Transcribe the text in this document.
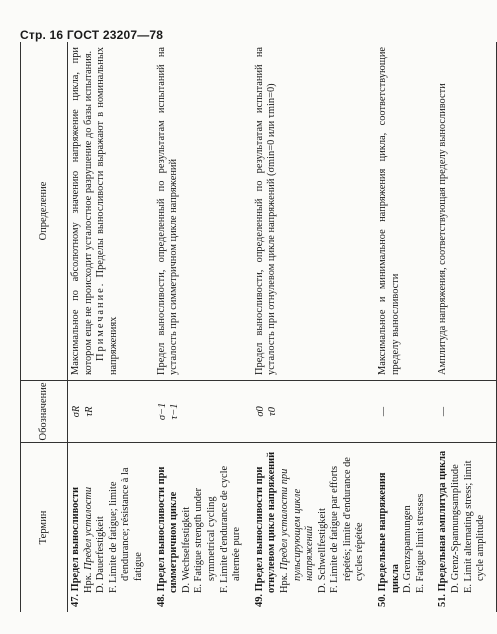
Стр. 16 ГОСТ 23207—78
Термин
Обозначение
Определение
47. Предел выносливости Нрк. Предел усталости
D. Dauerfestigkeit
F. Limite de fatigue; limite d'endurance; résistance à la fatigue
σR τR
Максимальное по абсолютному значению напряжение цикла, при котором еще не происходит усталостное разрушение до базы испытания. Примечание. Пределы выносливости выражают в номинальных напряжениях
48. Предел выносливости при симметричном цикле D. Wechselfestigkeit
E. Fatigue strength under symmetrical cycling
F. Limite d'endurance de cycle alternée pure
σ−1 τ−1
Предел выносливости, определенный по результатам испытаний на усталость при симметричном цикле напряжений
49. Предел выносливости при отнулевом цикле напряжений Нрк. Предел усталости при пульсирующем цикле напряжений
D. Schwellfestigkeit
F. Limite de fatigue par efforts répétés; limite d'endurance de cycles répétée
σ0 τ0
Предел выносливости, определенный по результатам испытаний на усталость при отнулевом цикле напряжений (σmin=0 или τmin=0)
50. Предельные напряжения цикла D. Grenzspannungen
E. Fatigue limit stresses
—
Максимальное и минимальное напряжения цикла, соответствующие пределу выносливости
51. Предельная амплитуда цикла D. Grenz-Spannungsamplitude
E. Limit alternating stress; limit cycle amplitude
—
Амплитуда напряжения, соответствующая пределу выносливости
